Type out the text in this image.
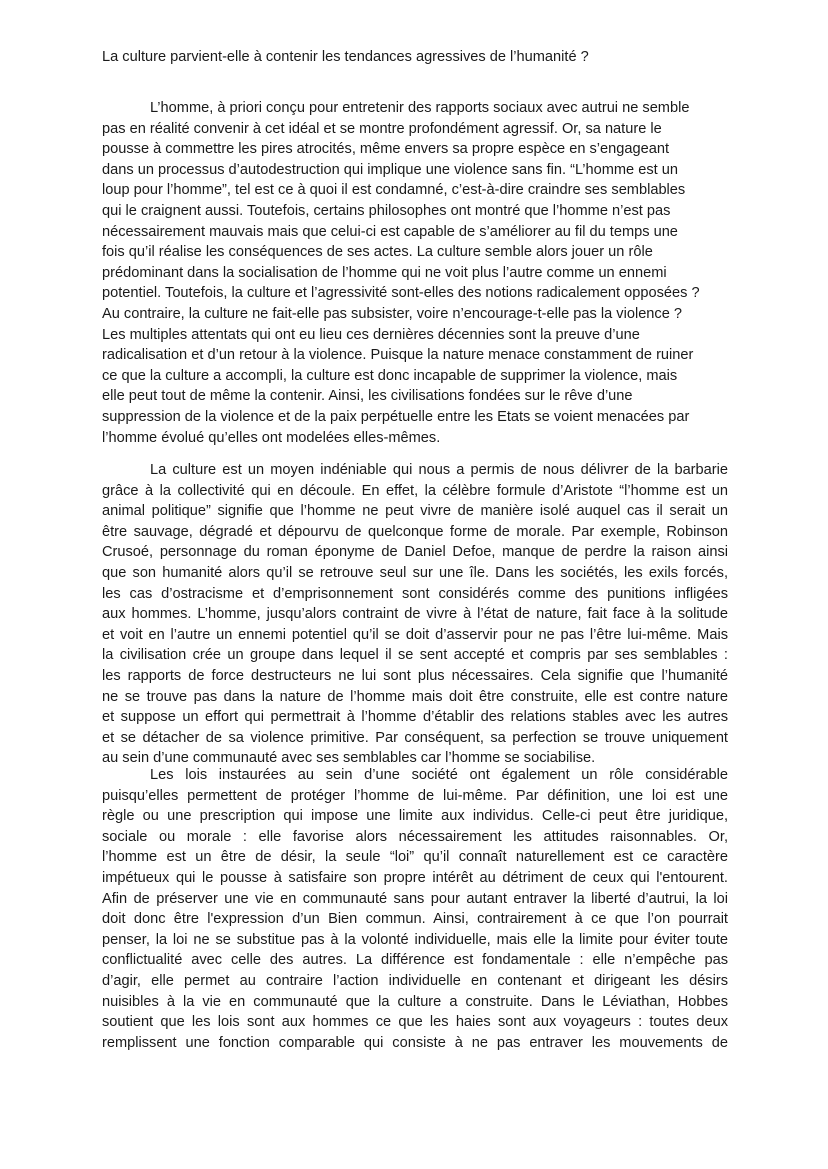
La culture parvient-elle à contenir les tendances agressives de l’humanité ?
L’homme, à priori conçu pour entretenir des rapports sociaux avec autrui ne semble
pas en réalité convenir à cet idéal et se montre profondément agressif. Or, sa nature le
pousse à commettre les pires atrocités, même envers sa propre espèce en s’engageant
dans un processus d’autodestruction qui implique une violence sans fin. “L’homme est un
loup pour l’homme”, tel est ce à quoi il est condamné, c’est-à-dire craindre ses semblables
qui le craignent aussi. Toutefois, certains philosophes ont montré que l’homme n’est pas
nécessairement mauvais mais que celui-ci est capable de s’améliorer au fil du temps une
fois qu’il réalise les conséquences de ses actes. La culture semble alors jouer un rôle
prédominant dans la socialisation de l’homme qui ne voit plus l’autre comme un ennemi
potentiel. Toutefois, la culture et l’agressivité sont-elles des notions radicalement opposées ?
Au contraire, la culture ne fait-elle pas subsister, voire n’encourage-t-elle pas la violence ?
Les multiples attentats qui ont eu lieu ces dernières décennies sont la preuve d’une
radicalisation et d’un retour à la violence. Puisque la nature menace constamment de ruiner
ce que la culture a accompli, la culture est donc incapable de supprimer la violence, mais
elle peut tout de même la contenir. Ainsi, les civilisations fondées sur le rêve d’une
suppression de la violence et de la paix perpétuelle entre les Etats se voient menacées par
l’homme évolué qu’elles ont modelées elles-mêmes.
La culture est un moyen indéniable qui nous a permis de nous délivrer de la barbarie
grâce à la collectivité qui en découle. En effet, la célèbre formule d’Aristote “l’homme est un
animal politique” signifie que l’homme ne peut vivre de manière isolé auquel cas il serait un
être sauvage, dégradé et dépourvu de quelconque forme de morale. Par exemple, Robinson
Crusoé, personnage du roman éponyme de Daniel Defoe, manque de perdre la raison ainsi
que son humanité alors qu’il se retrouve seul sur une île. Dans les sociétés, les exils forcés,
les cas d’ostracisme et d’emprisonnement sont considérés comme des punitions infligées
aux hommes. L’homme, jusqu’alors contraint de vivre à l’état de nature, fait face à la solitude
et voit en l’autre un ennemi potentiel qu’il se doit d’asservir pour ne pas l’être lui-même. Mais
la civilisation crée un groupe dans lequel il se sent accepté et compris par ses semblables :
les rapports de force destructeurs ne lui sont plus nécessaires. Cela signifie que l’humanité
ne se trouve pas dans la nature de l’homme mais doit être construite, elle est contre nature
et suppose un effort qui permettrait à l’homme d’établir des relations stables avec les autres
et se détacher de sa violence primitive. Par conséquent, sa perfection se trouve uniquement
au sein d’une communauté avec ses semblables car l’homme se sociabilise.
Les lois instaurées au sein d’une société ont également un rôle considérable
puisqu’elles permettent de protéger l’homme de lui-même. Par définition, une loi est une
règle ou une prescription qui impose une limite aux individus. Celle-ci peut être juridique,
sociale ou morale : elle favorise alors nécessairement les attitudes raisonnables. Or,
l’homme est un être de désir, la seule “loi” qu’il connaît naturellement est ce caractère
impétueux qui le pousse à satisfaire son propre intérêt au détriment de ceux qui l'entourent.
Afin de préserver une vie en communauté sans pour autant entraver la liberté d’autrui, la loi
doit donc être l'expression d’un Bien commun. Ainsi, contrairement à ce que l’on pourrait
penser, la loi ne se substitue pas à la volonté individuelle, mais elle la limite pour éviter toute
conflictualité avec celle des autres. La différence est fondamentale : elle n’empêche pas
d’agir, elle permet au contraire l’action individuelle en contenant et dirigeant les désirs
nuisibles à la vie en communauté que la culture a construite. Dans le Léviathan, Hobbes
soutient que les lois sont aux hommes ce que les haies sont aux voyageurs : toutes deux
remplissent une fonction comparable qui consiste à ne pas entraver les mouvements de
